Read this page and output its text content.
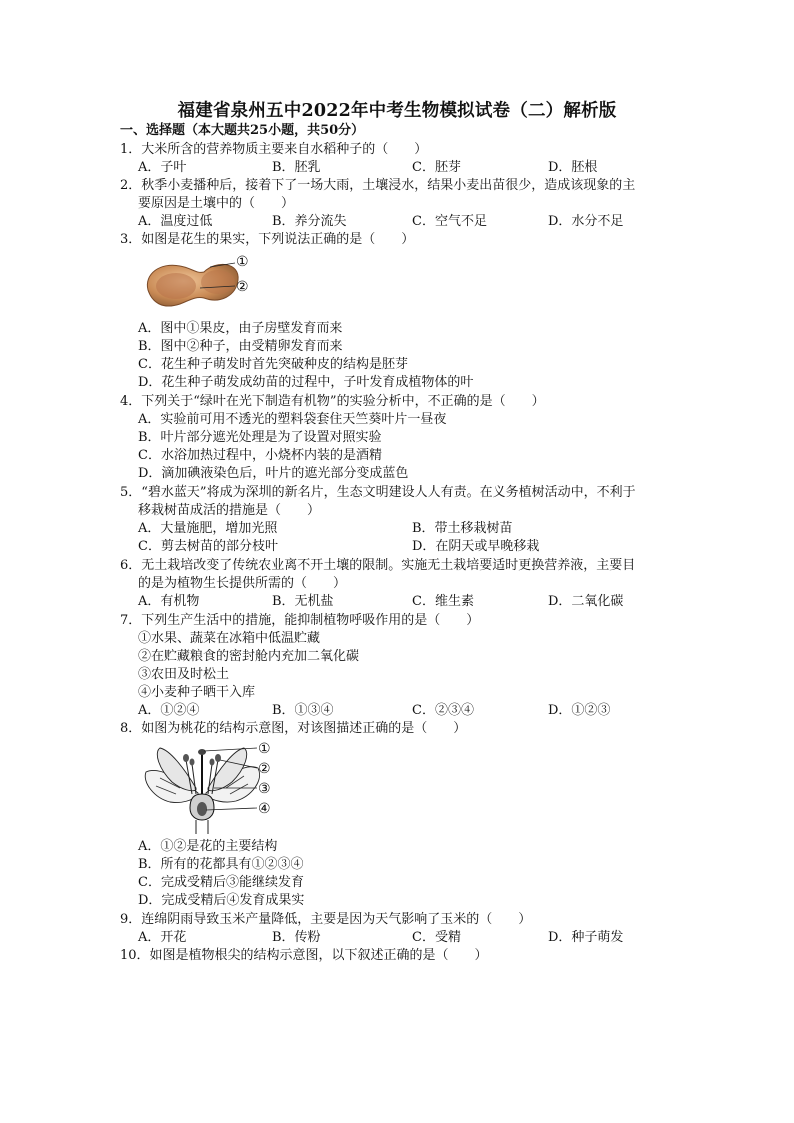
福建省泉州五中2022年中考生物模拟试卷（二）解析版
一、选择题（本大题共25小题，共50分）
1．大米所含的营养物质主要来自水稻种子的（　　）
A．子叶	B．胚乳	C．胚芽	D．胚根
2．秋季小麦播种后，接着下了一场大雨，土壤浸水，结果小麦出苗很少，造成该现象的主
要原因是土壤中的（　　）
A．温度过低	B．养分流失	C．空气不足	D．水分不足
3．如图是花生的果实，下列说法正确的是（　　）
①
②
A．图中①果皮，由子房壁发育而来
B．图中②种子，由受精卵发育而来
C．花生种子萌发时首先突破种皮的结构是胚芽
D．花生种子萌发成幼苗的过程中，子叶发育成植物体的叶
4．下列关于“绿叶在光下制造有机物”的实验分析中，不正确的是（　　）
A．实验前可用不透光的塑料袋套住天竺葵叶片一昼夜
B．叶片部分遮光处理是为了设置对照实验
C．水浴加热过程中，小烧杯内装的是酒精
D．滴加碘液染色后，叶片的遮光部分变成蓝色
5．“碧水蓝天”将成为深圳的新名片，生态文明建设人人有责。在义务植树活动中，不利于
移栽树苗成活的措施是（　　）
A．大量施肥，增加光照	B．带土移栽树苗
C．剪去树苗的部分枝叶	D．在阴天或早晚移栽
6．无土栽培改变了传统农业离不开土壤的限制。实施无土栽培要适时更换营养液，主要目
的是为植物生长提供所需的（　　）
A．有机物	B．无机盐	C．维生素	D．二氧化碳
7．下列生产生活中的措施，能抑制植物呼吸作用的是（　　）
①水果、蔬菜在冰箱中低温贮藏
②在贮藏粮食的密封舱内充加二氧化碳
③农田及时松土
④小麦种子晒干入库
A．①②④	B．①③④	C．②③④	D．①②③
8．如图为桃花的结构示意图，对该图描述正确的是（　　）
①
②
③
④
A．①②是花的主要结构
B．所有的花都具有①②③④
C．完成受精后③能继续发育
D．完成受精后④发育成果实
9．连绵阴雨导致玉米产量降低，主要是因为天气影响了玉米的（　　）
A．开花	B．传粉	C．受精	D．种子萌发
10．如图是植物根尖的结构示意图，以下叙述正确的是（　　）
